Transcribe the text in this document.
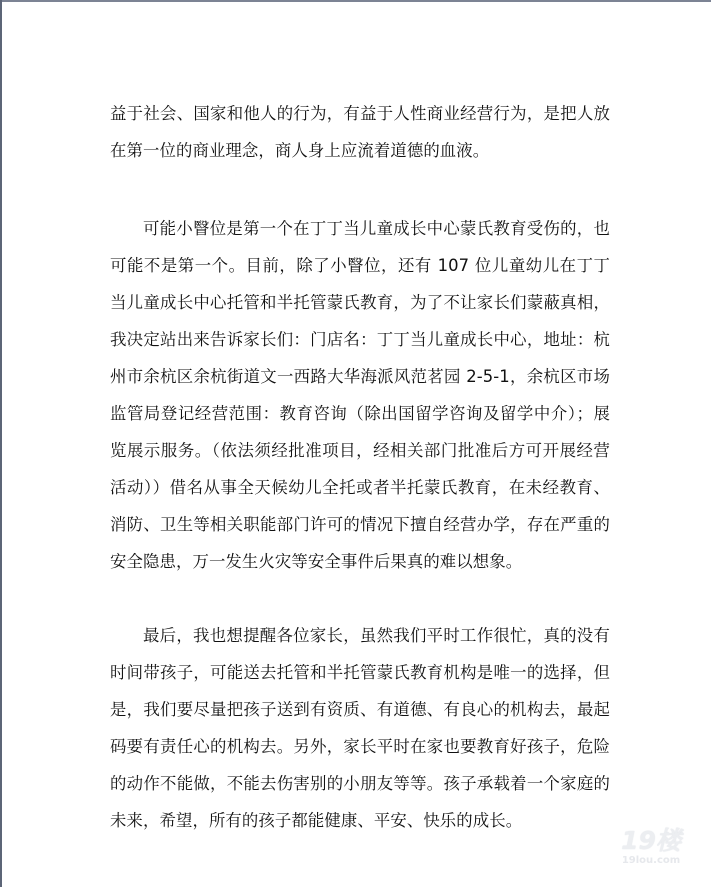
益于社会、国家和他人的行为，有益于人性商业经营行为，是把人放在第一位的商业理念，商人身上应流着道德的血液。

可能小瞖位是第一个在丁丁当儿童成长中心蒙氏教育受伤的，也可能不是第一个。目前，除了小瞖位，还有 107 位儿童幼儿在丁丁当儿童成长中心托管和半托管蒙氏教育，为了不让家长们蒙蔽真相，我决定站出来告诉家长们：门店名：丁丁当儿童成长中心，地址：杭州市余杭区余杭街道文一西路大华海派风范茗园 2-5-1，余杭区市场监管局登记经营范围：教育咨询（除出国留学咨询及留学中介）；展览展示服务。（依法须经批准项目，经相关部门批准后方可开展经营活动））借名从事全天候幼儿全托或者半托蒙氏教育，在未经教育、消防、卫生等相关职能部门许可的情况下擅自经营办学，存在严重的安全隐患，万一发生火灾等安全事件后果真的难以想象。

最后，我也想提醒各位家长，虽然我们平时工作很忙，真的没有时间带孩子，可能送去托管和半托管蒙氏教育机构是唯一的选择，但是，我们要尽量把孩子送到有资质、有道德、有良心的机构去，最起码要有责任心的机构去。另外，家长平时在家也要教育好孩子，危险的动作不能做，不能去伤害别的小朋友等等。孩子承载着一个家庭的未来，希望，所有的孩子都能健康、平安、快乐的成长。

19楼
19lou.com
